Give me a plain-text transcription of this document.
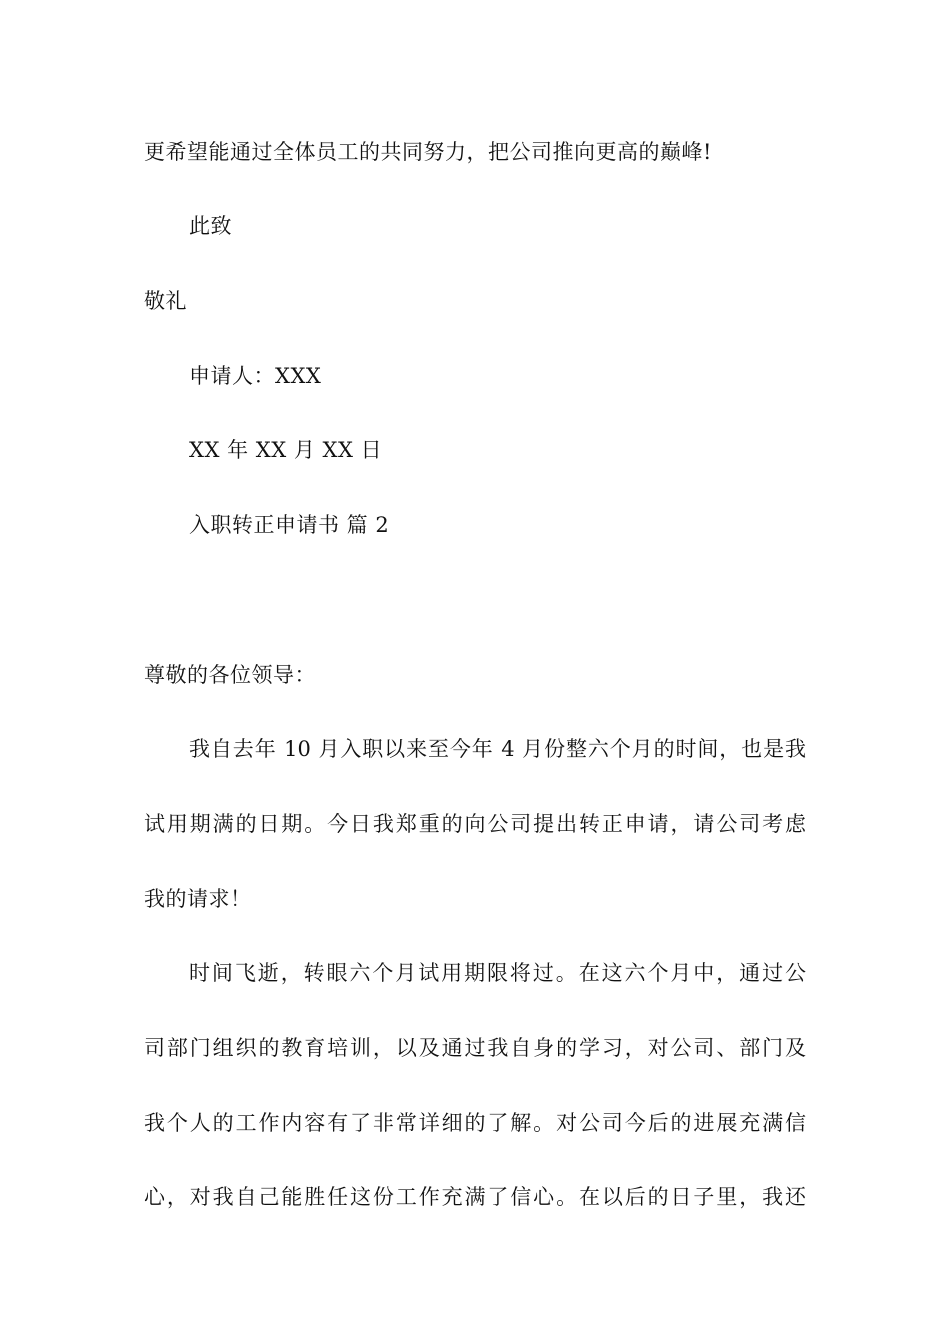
更希望能通过全体员工的共同努力，把公司推向更高的巅峰!
此致
敬礼
申请人：XXX
XX 年 XX 月 XX 日
入职转正申请书 篇 2
尊敬的各位领导：
我自去年 10 月入职以来至今年 4 月份整六个月的时间，也是我
试用期满的日期。今日我郑重的向公司提出转正申请，请公司考虑
我的请求！
时间飞逝，转眼六个月试用期限将过。在这六个月中，通过公
司部门组织的教育培训，以及通过我自身的学习，对公司、部门及
我个人的工作内容有了非常详细的了解。对公司今后的进展充满信
心，对我自己能胜任这份工作充满了信心。在以后的日子里，我还
